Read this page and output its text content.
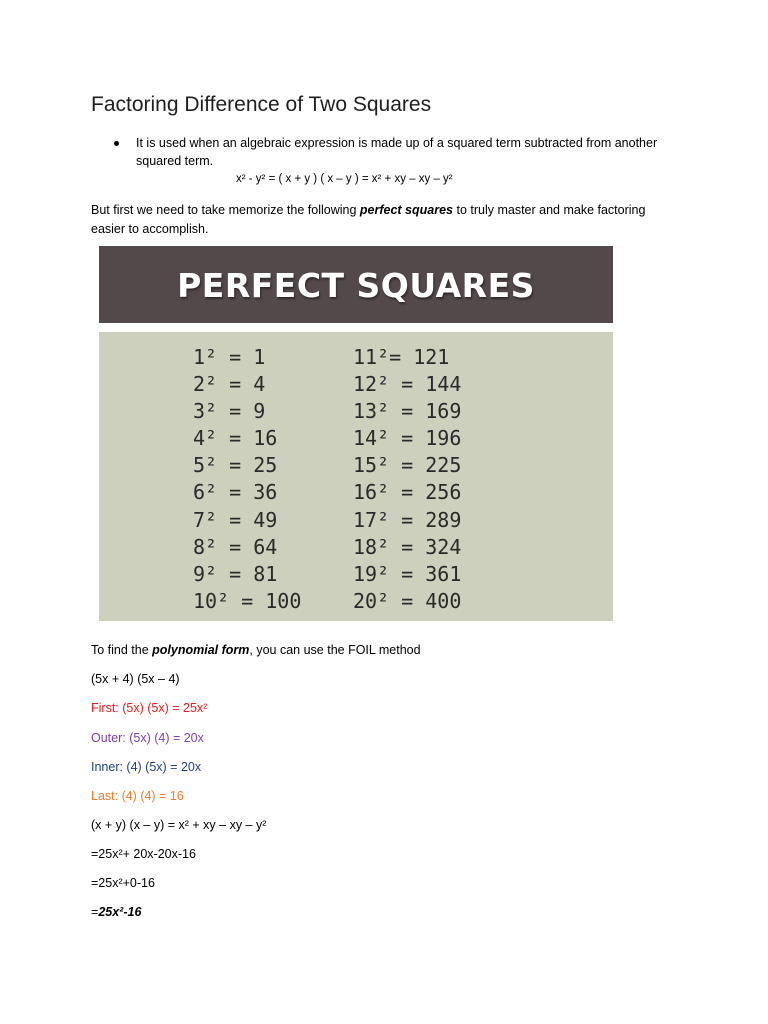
Factoring Difference of Two Squares
It is used when an algebraic expression is made up of a squared term subtracted from another squared term.
x² - y² = ( x + y ) ( x – y ) = x² + xy – xy – y²
But first we need to take memorize the following perfect squares to truly master and make factoring easier to accomplish.
PERFECT SQUARES
1² = 1
2² = 4
3² = 9
4² = 16
5² = 25
6² = 36
7² = 49
8² = 64
9² = 81
10² = 100
11²= 121
12² = 144
13² = 169
14² = 196
15² = 225
16² = 256
17² = 289
18² = 324
19² = 361
20² = 400
To find the polynomial form, you can use the FOIL method
(5x + 4) (5x – 4)
First: (5x) (5x) = 25x²
Outer: (5x) (4) = 20x
Inner: (4) (5x) = 20x
Last: (4) (4) = 16
(x + y) (x – y) = x² + xy – xy – y²
=25x²+ 20x-20x-16
=25x²+0-16
=25x²-16
